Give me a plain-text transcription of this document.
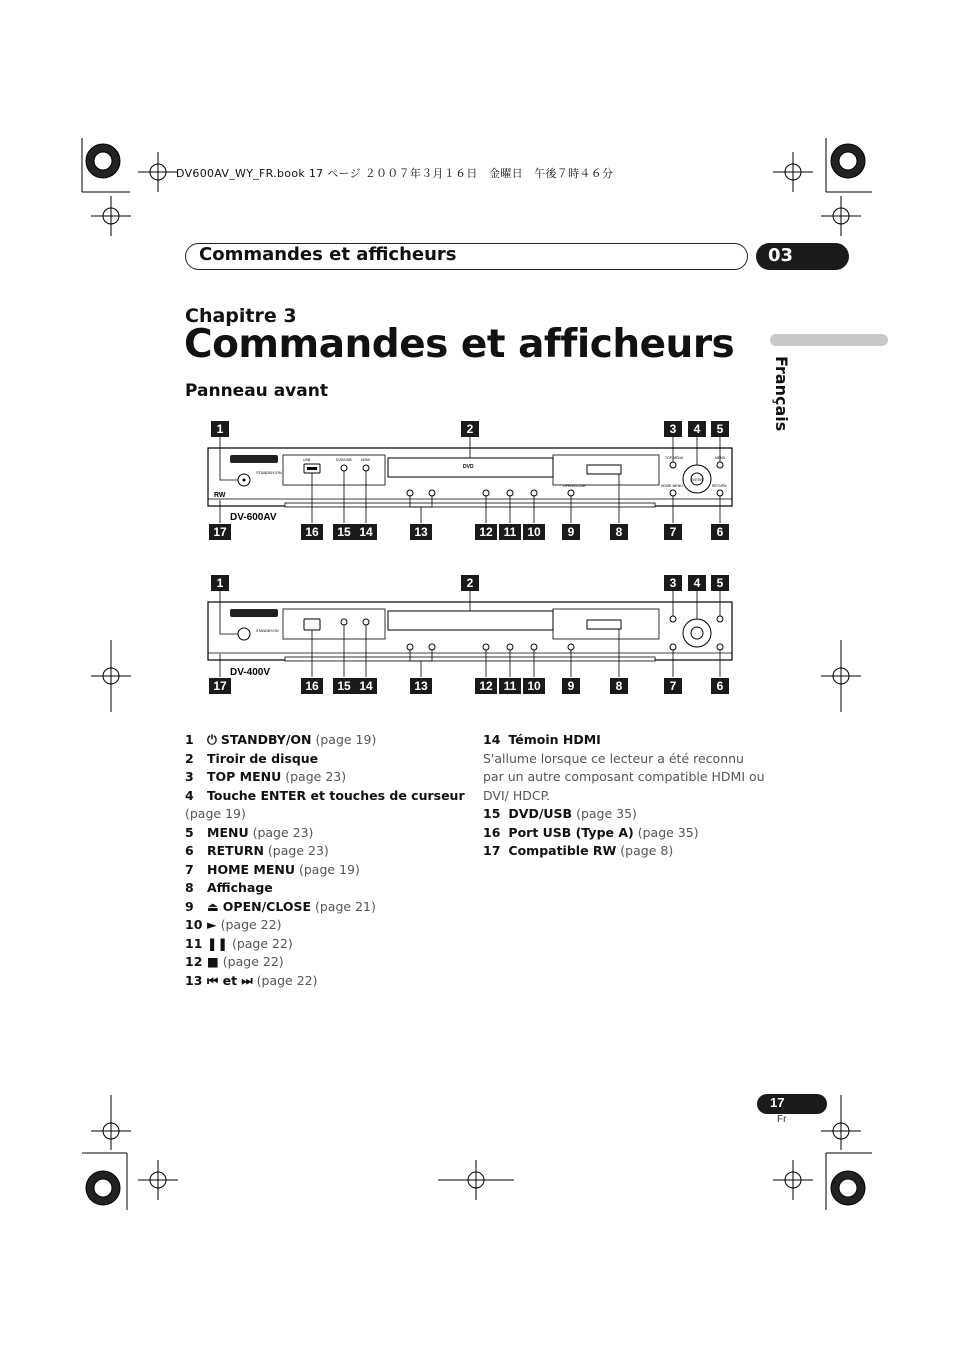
DV600AV_WY_FR.book 17 ページ ２００７年３月１６日　金曜日　午後７時４６分
Commandes et afficheurs	03
Français
Chapitre 3
Commandes et afficheurs
Panneau avant
STANDBY/ON
USB	DVD/USB	HDMI
DVD
OPEN/CLOSE
TOP MENU	MENU
HOME MENU	RETURN
ENTER
RW
DV-600AV
1	2	3 4 5
17	16 15 14	13	12 11 10 9	8	7	6
STANDBY/ON
DV-400V
1	2	3 4 5
17	16 15 14	13	12 11 10 9	8	7	6
1 ⏻ STANDBY/ON (page 19)
2 Tiroir de disque
3 TOP MENU (page 23)
4 Touche ENTER et touches de curseur
(page 19)
5 MENU (page 23)
6 RETURN (page 23)
7 HOME MENU (page 19)
8 Affichage
9 ⏏ OPEN/CLOSE (page 21)
10 ► (page 22)
11 ❚❚ (page 22)
12 ■ (page 22)
13 ⏮ et ⏭ (page 22)
14 Témoin HDMI
S'allume lorsque ce lecteur a été reconnu par un autre composant compatible HDMI ou DVI/ HDCP.
15 DVD/USB (page 35)
16 Port USB (Type A) (page 35)
17 Compatible RW (page 8)
17
Fr
